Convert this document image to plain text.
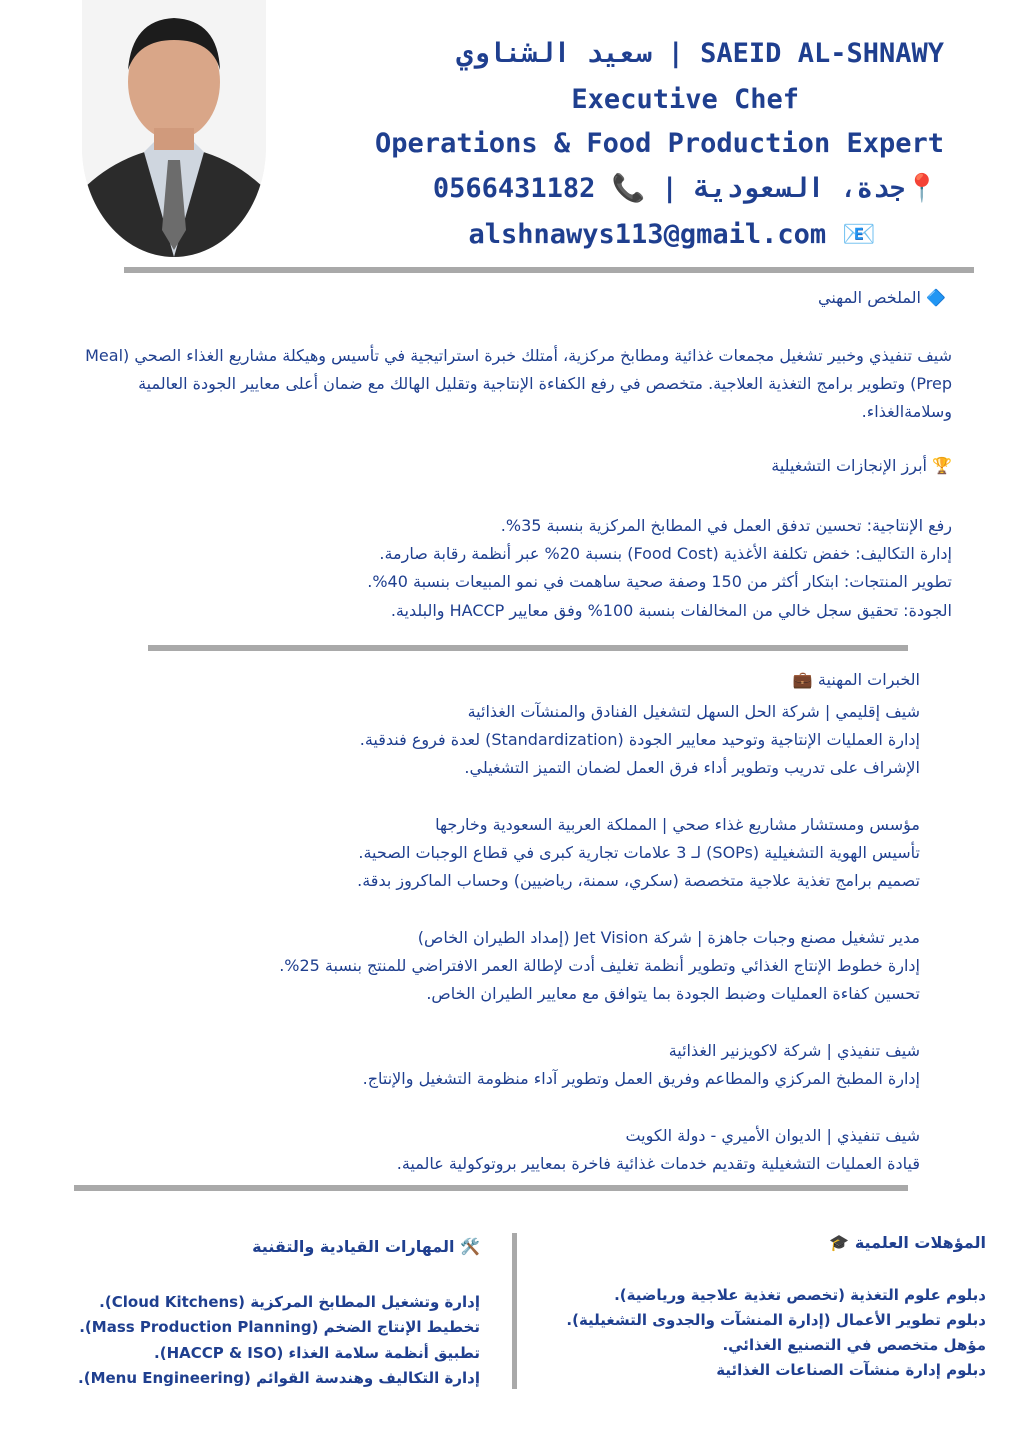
سعيد الشناوي | SAEID AL-SHNAWY
Executive Chef
Operations & Food Production Expert
📍جدة، السعودية | 📞 0566431182
alshnawys113@gmail.com 📧
🔷 الملخص المهني
شيف تنفيذي وخبير تشغيل مجمعات غذائية ومطابخ مركزية، أمتلك خبرة استراتيجية في تأسيس وهيكلة مشاريع الغذاء الصحي (Meal Prep) وتطوير برامج التغذية العلاجية. متخصص في رفع الكفاءة الإنتاجية وتقليل الهالك مع ضمان أعلى معايير الجودة العالمية وسلامةالغذاء.
🏆 أبرز الإنجازات التشغيلية
رفع الإنتاجية: تحسين تدفق العمل في المطابخ المركزية بنسبة 35%.
إدارة التكاليف: خفض تكلفة الأغذية (Food Cost) بنسبة 20% عبر أنظمة رقابة صارمة.
تطوير المنتجات: ابتكار أكثر من 150 وصفة صحية ساهمت في نمو المبيعات بنسبة 40%.
الجودة: تحقيق سجل خالي من المخالفات بنسبة 100% وفق معايير HACCP والبلدية.
الخبرات المهنية 💼
شيف إقليمي | شركة الحل السهل لتشغيل الفنادق والمنشآت الغذائية
إدارة العمليات الإنتاجية وتوحيد معايير الجودة (Standardization) لعدة فروع فندقية.
الإشراف على تدريب وتطوير أداء فرق العمل لضمان التميز التشغيلي.
مؤسس ومستشار مشاريع غذاء صحي | المملكة العربية السعودية وخارجها
تأسيس الهوية التشغيلية (SOPs) لـ 3 علامات تجارية كبرى في قطاع الوجبات الصحية.
تصميم برامج تغذية علاجية متخصصة (سكري، سمنة، رياضيين) وحساب الماكروز بدقة.
مدير تشغيل مصنع وجبات جاهزة | شركة Jet Vision (إمداد الطيران الخاص)
إدارة خطوط الإنتاج الغذائي وتطوير أنظمة تغليف أدت لإطالة العمر الافتراضي للمنتج بنسبة 25%.
تحسين كفاءة العمليات وضبط الجودة بما يتوافق مع معايير الطيران الخاص.
شيف تنفيذي | شركة لاكويزنير الغذائية
إدارة المطبخ المركزي والمطاعم وفريق العمل وتطوير آداء منظومة التشغيل والإنتاج.
شيف تنفيذي | الديوان الأميري - دولة الكويت
قيادة العمليات التشغيلية وتقديم خدمات غذائية فاخرة بمعايير بروتوكولية عالمية.
المؤهلات العلمية 🎓
دبلوم علوم التغذية (تخصص تغذية علاجية ورياضية).
دبلوم تطوير الأعمال (إدارة المنشآت والجدوى التشغيلية).
مؤهل متخصص في التصنيع الغذائي.
دبلوم إدارة منشآت الصناعات الغذائية
🛠️ المهارات القيادية والتقنية
إدارة وتشغيل المطابخ المركزية (Cloud Kitchens).
تخطيط الإنتاج الضخم (Mass Production Planning).
تطبيق أنظمة سلامة الغذاء (HACCP & ISO).
إدارة التكاليف وهندسة القوائم (Menu Engineering).
